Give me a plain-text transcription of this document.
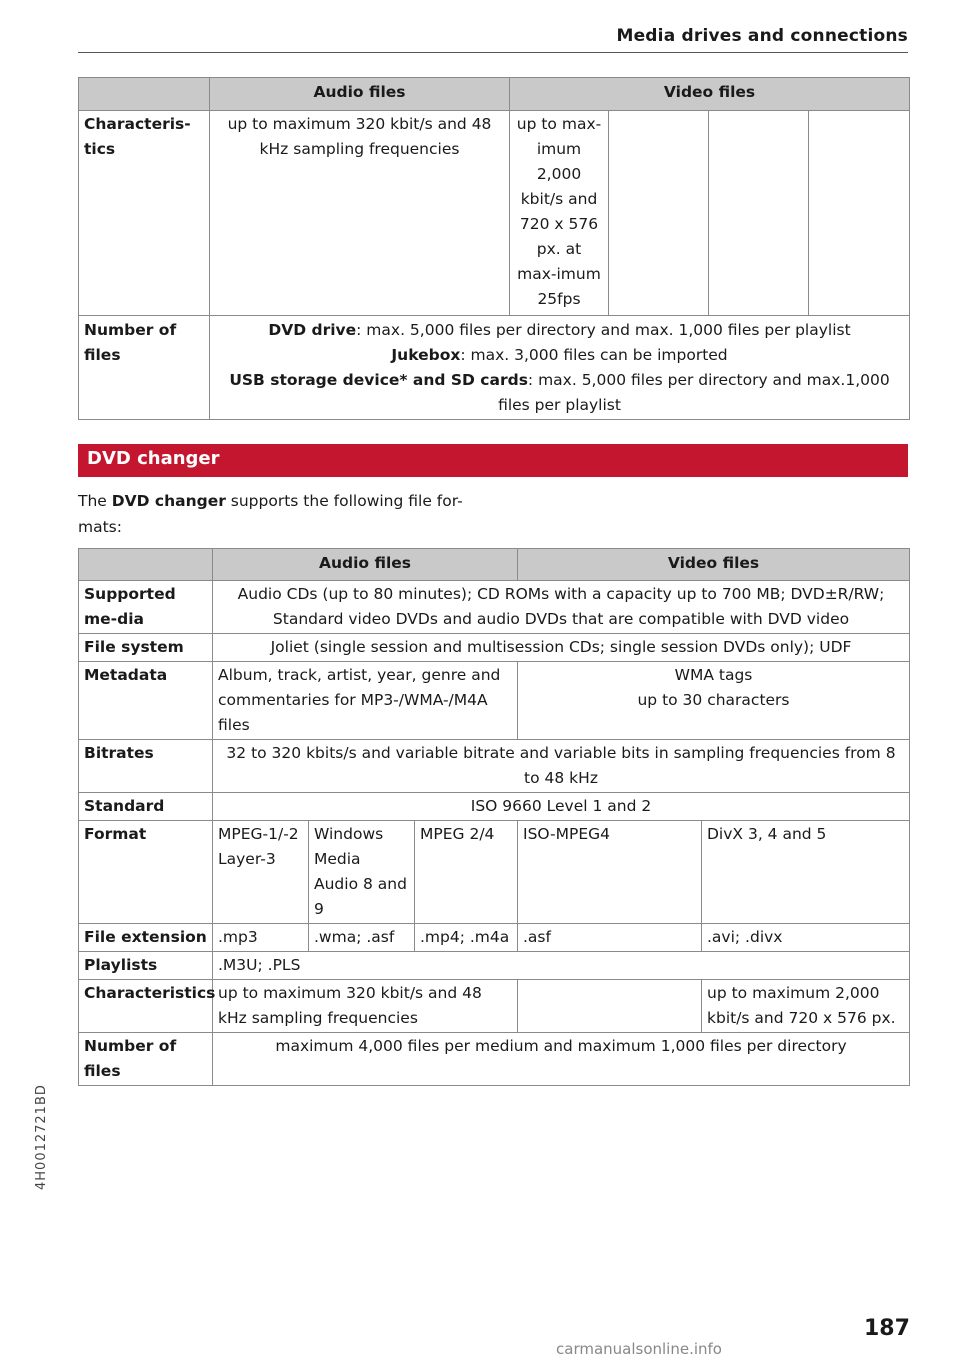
Media drives and connections
	Audio files	Video files			
Characteris-tics	up to maximum 320 kbit/s and 48 kHz sampling frequencies	up to max-imum 2,000 kbit/s and 720 x 576 px. at max-imum 25fps			
Number of files	DVD drive: max. 5,000 files per directory and max. 1,000 files per playlist
Jukebox: max. 3,000 files can be imported
USB storage device* and SD cards: max. 5,000 files per directory and max.1,000 files per playlist				
DVD changer
The DVD changer supports the following file for-mats:
	Audio files			Video files	
Supported me-dia	Audio CDs (up to 80 minutes); CD ROMs with a capacity up to 700 MB; DVD±R/RW;
Standard video DVDs and audio DVDs that are compatible with DVD video				

File system	Joliet (single session and multisession CDs; single session DVDs only); UDF				
Metadata	Album, track, artist, year, genre and commentaries for MP3-/WMA-/M4A files			WMA tags
up to 30 characters	

Bitrates	32 to 320 kbits/s and variable bitrate and variable bits in sampling frequencies from 8 to 48 kHz				
Standard	ISO 9660 Level 1 and 2				
Format	MPEG-1/-2 Layer-3	Windows Media Audio 8 and 9	MPEG 2/4	ISO-MPEG4	DivX 3, 4 and 5
File extension	.mp3	.wma; .asf	.mp4; .m4a	.asf	.avi; .divx
Playlists	.M3U; .PLS				
Characteristics	up to maximum 320 kbit/s and 48 kHz sampling frequencies				up to maximum 2,000 kbit/s and 720 x 576 px.
Number of files	maximum 4,000 files per medium and maximum 1,000 files per directory				
4H0012721BD
187
carmanualsonline.info
